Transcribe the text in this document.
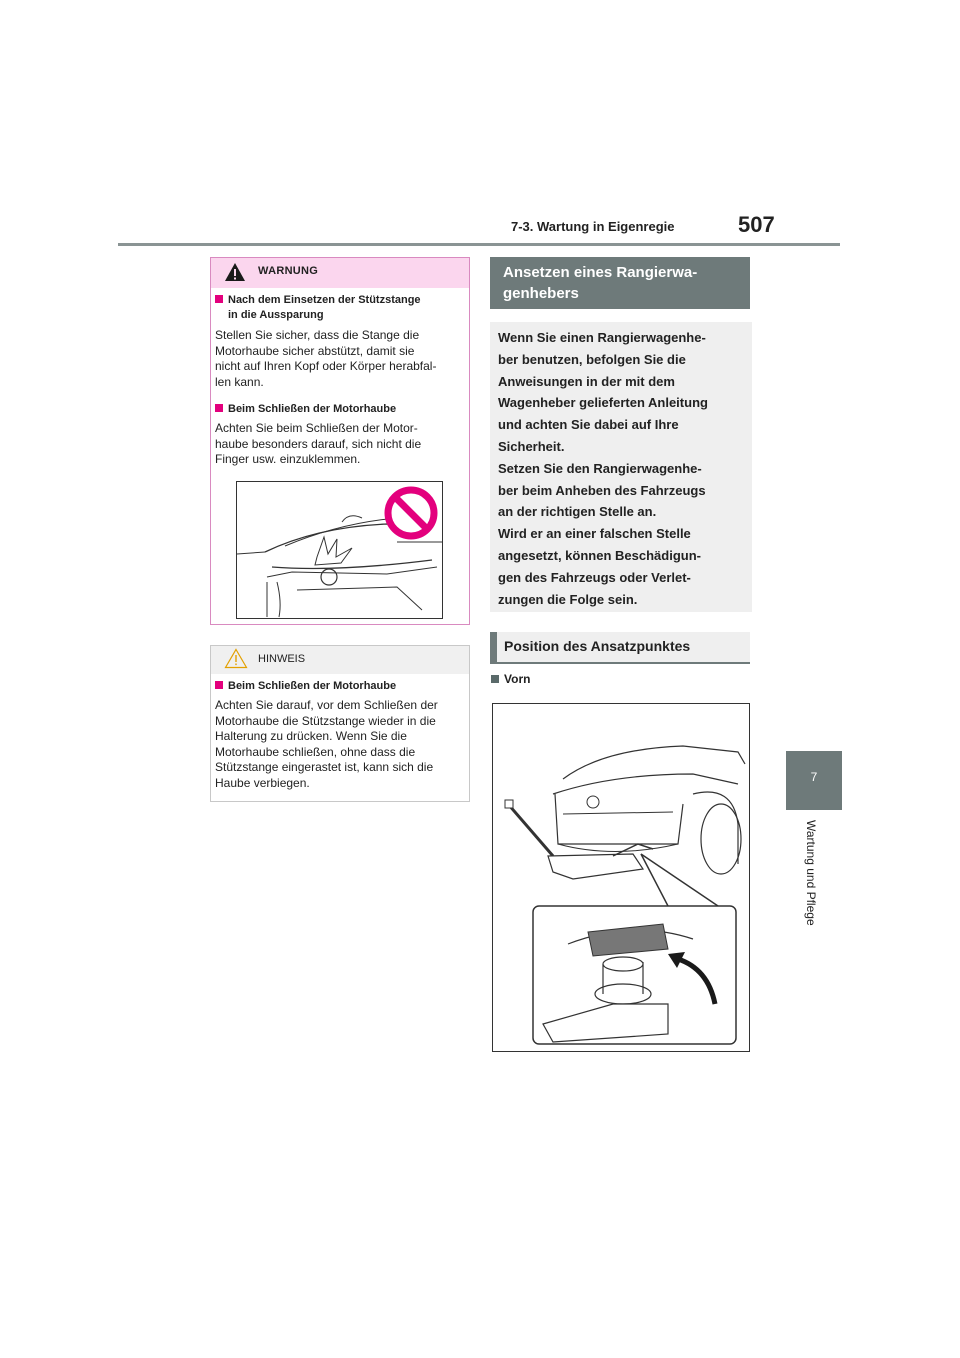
7-3. Wartung in Eigenregie	507
7
Wartung und Pflege
WARNUNG
Nach dem Einsetzen der Stützstange
in die Aussparung
Stellen Sie sicher, dass die Stange die
Motorhaube sicher abstützt, damit sie
nicht auf Ihren Kopf oder Körper herabfal-
len kann.
Beim Schließen der Motorhaube
Achten Sie beim Schließen der Motor-
haube besonders darauf, sich nicht die
Finger usw. einzuklemmen.
HINWEIS
Beim Schließen der Motorhaube
Achten Sie darauf, vor dem Schließen der
Motorhaube die Stützstange wieder in die
Halterung zu drücken. Wenn Sie die
Motorhaube schließen, ohne dass die
Stützstange eingerastet ist, kann sich die
Haube verbiegen.
Ansetzen eines Rangierwa-
genhebers
Wenn Sie einen Rangierwagenhe-
ber benutzen, befolgen Sie die
Anweisungen in der mit dem
Wagenheber gelieferten Anleitung
und achten Sie dabei auf Ihre
Sicherheit.
Setzen Sie den Rangierwagenhe-
ber beim Anheben des Fahrzeugs
an der richtigen Stelle an.
Wird er an einer falschen Stelle
angesetzt, können Beschädigun-
gen des Fahrzeugs oder Verlet-
zungen die Folge sein.
Position des Ansatzpunktes
Vorn
